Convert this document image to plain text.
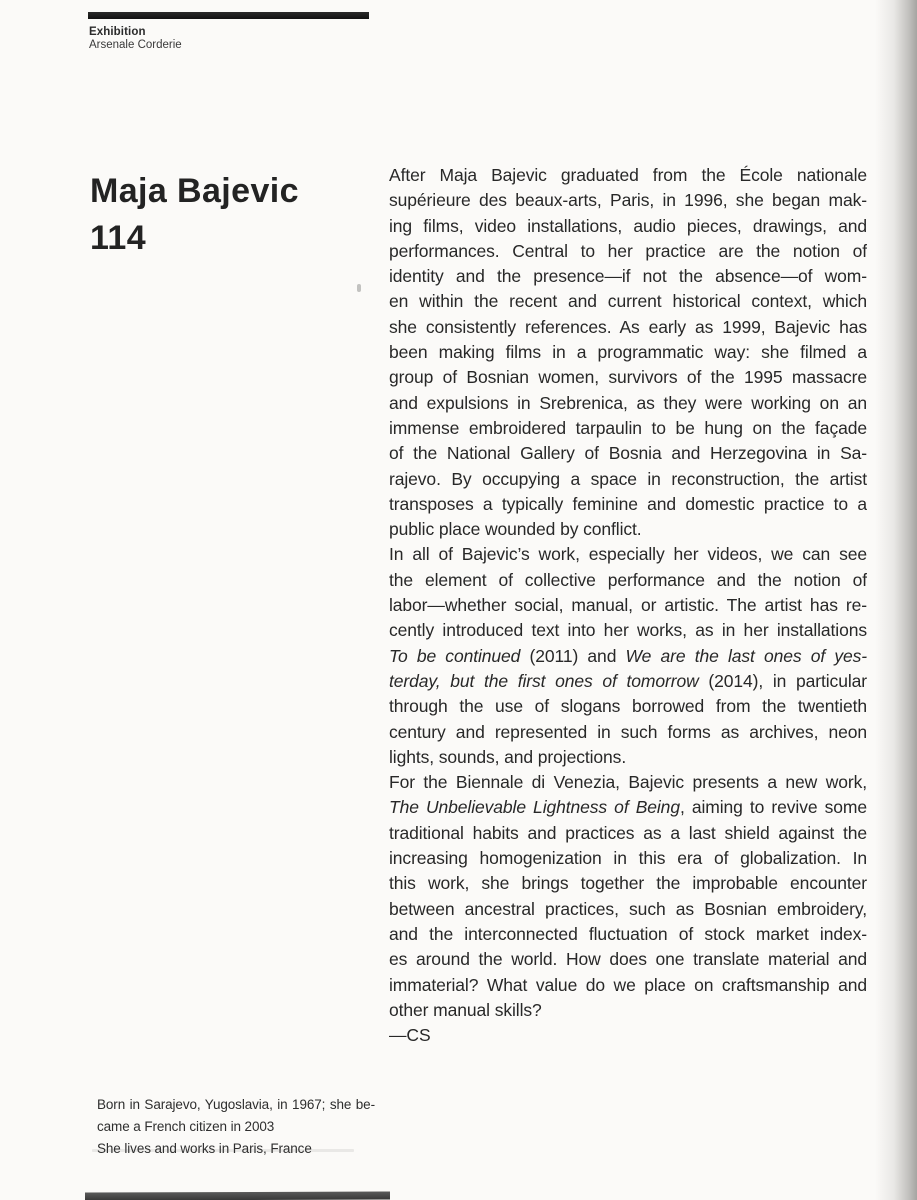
Exhibition
Arsenale Corderie
Maja Bajevic
114
After Maja Bajevic graduated from the École nationale
supérieure des beaux-arts, Paris, in 1996, she began mak-
ing films, video installations, audio pieces, drawings, and
performances. Central to her practice are the notion of
identity and the presence—if not the absence—of wom-
en within the recent and current historical context, which
she consistently references. As early as 1999, Bajevic has
been making films in a programmatic way: she filmed a
group of Bosnian women, survivors of the 1995 massacre
and expulsions in Srebrenica, as they were working on an
immense embroidered tarpaulin to be hung on the façade
of the National Gallery of Bosnia and Herzegovina in Sa-
rajevo. By occupying a space in reconstruction, the artist
transposes a typically feminine and domestic practice to a
public place wounded by conflict.
In all of Bajevic’s work, especially her videos, we can see
the element of collective performance and the notion of
labor—whether social, manual, or artistic. The artist has re-
cently introduced text into her works, as in her installations
To be continued (2011) and We are the last ones of yes-
terday, but the first ones of tomorrow (2014), in particular
through the use of slogans borrowed from the twentieth
century and represented in such forms as archives, neon
lights, sounds, and projections.
For the Biennale di Venezia, Bajevic presents a new work,
The Unbelievable Lightness of Being, aiming to revive some
traditional habits and practices as a last shield against the
increasing homogenization in this era of globalization. In
this work, she brings together the improbable encounter
between ancestral practices, such as Bosnian embroidery,
and the interconnected fluctuation of stock market index-
es around the world. How does one translate material and
immaterial? What value do we place on craftsmanship and
other manual skills?
—CS
Born in Sarajevo, Yugoslavia, in 1967; she be-
came a French citizen in 2003
She lives and works in Paris, France
